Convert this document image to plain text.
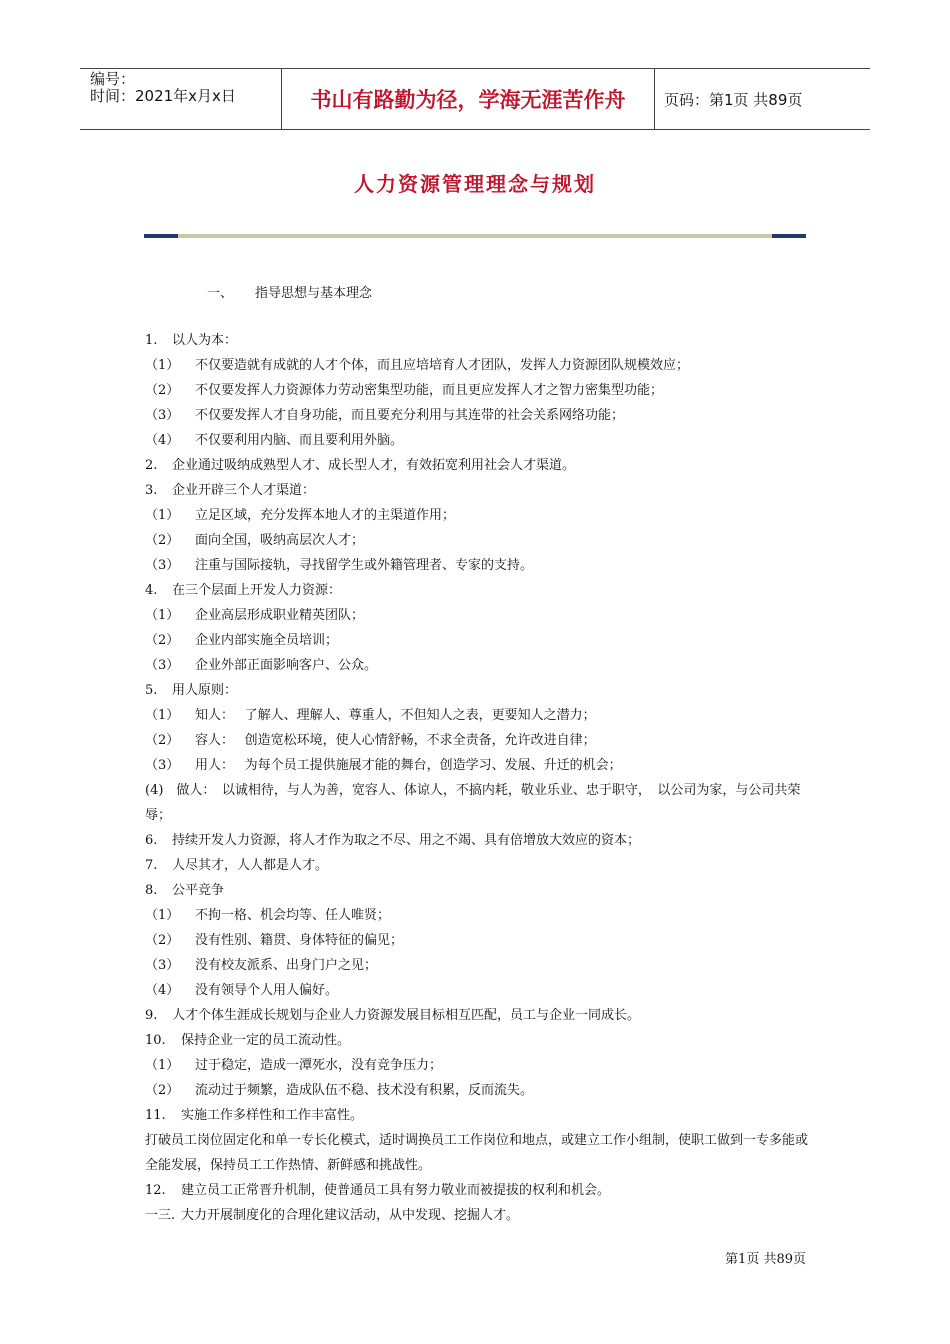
编号：
时间：2021年x月x日	书山有路勤为径，学海无涯苦作舟	页码：第1页 共89页
人力资源管理理念与规划
一、 指导思想与基本理念
1. 以人为本：
（1） 不仅要造就有成就的人才个体，而且应培培育人才团队，发挥人力资源团队规模效应；
（2） 不仅要发挥人力资源体力劳动密集型功能，而且更应发挥人才之智力密集型功能；
（3） 不仅要发挥人才自身功能，而且要充分利用与其连带的社会关系网络功能；
（4） 不仅要利用内脑、而且要利用外脑。
2. 企业通过吸纳成熟型人才、成长型人才，有效拓宽利用社会人才渠道。
3. 企业开辟三个人才渠道：
（1） 立足区域，充分发挥本地人才的主渠道作用；
（2） 面向全国，吸纳高层次人才；
（3） 注重与国际接轨，寻找留学生或外籍管理者、专家的支持。
4. 在三个层面上开发人力资源：
（1） 企业高层形成职业精英团队；
（2） 企业内部实施全员培训；
（3） 企业外部正面影响客户、公众。
5. 用人原则：
（1） 知人：　 了解人、理解人、尊重人，不但知人之表，更要知人之潜力；
（2） 容人：　 创造宽松环境，使人心情舒畅，不求全责备，允许改进自律；
（3） 用人：　 为每个员工提供施展才能的舞台，创造学习、发展、升迁的机会；
(4)　做人：　以诚相待，与人为善，宽容人、体谅人，不搞内耗，敬业乐业、忠于职守，　以公司为家，与公司共荣辱；
6. 持续开发人力资源，将人才作为取之不尽、用之不竭、具有倍增放大效应的资本；
7. 人尽其才，人人都是人才。
8. 公平竞争
（1） 不拘一格、机会均等、任人唯贤；
（2） 没有性别、籍贯、身体特征的偏见；
（3） 没有校友派系、出身门户之见；
（4） 没有领导个人用人偏好。
9. 人才个体生涯成长规划与企业人力资源发展目标相互匹配，员工与企业一同成长。
10. 保持企业一定的员工流动性。
（1） 过于稳定，造成一潭死水，没有竞争压力；
（2） 流动过于频繁，造成队伍不稳、技术没有积累，反而流失。
11. 实施工作多样性和工作丰富性。
打破员工岗位固定化和单一专长化模式，适时调换员工工作岗位和地点，或建立工作小组制，使职工做到一专多能或全能发展，保持员工工作热情、新鲜感和挑战性。
12. 建立员工正常晋升机制，使普通员工具有努力敬业而被提拔的权利和机会。
一三. 大力开展制度化的合理化建议活动，从中发现、挖掘人才。
第1页 共89页
